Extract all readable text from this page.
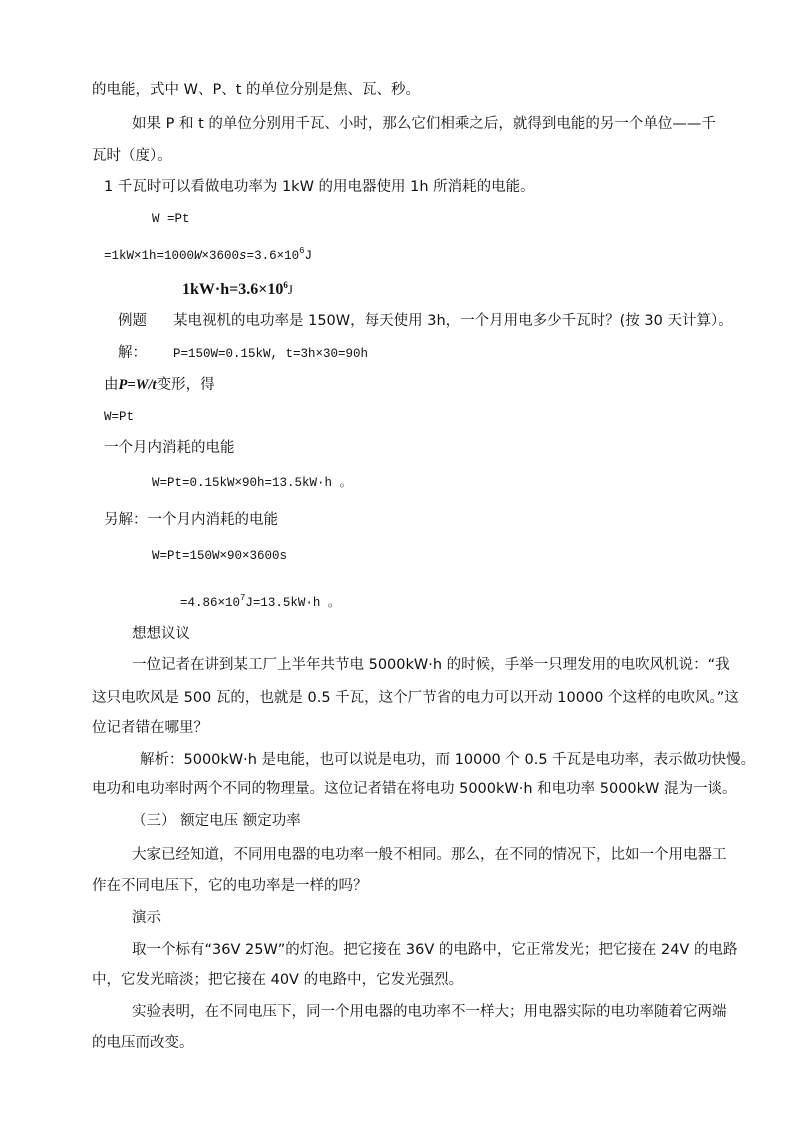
的电能，式中 W、P、t 的单位分别是焦、瓦、秒。
如果 P 和 t 的单位分别用千瓦、小时，那么它们相乘之后，就得到电能的另一个单位——千
瓦时（度）。
1 千瓦时可以看做电功率为 1kW 的用电器使用 1h 所消耗的电能。
W =Pt
$=1kW\times 1h=1000W\times 3600s=3.6\times 10^6J$
$1kW\cdot h=3.6\times 10^6J$
例题 某电视机的电功率是 150W，每天使用 3h，一个月用电多少千瓦时？(按 30 天计算）。
解： P=150W=0.15kW, t=3h×30=90h
由P=W/t变形，得
W=Pt
一个月内消耗的电能
W=Pt=0.15kW×90h=13.5kW·h 。
另解：一个月内消耗的电能
W=Pt=150W×90×3600s
$=4.86\times 10^7J=13.5kW\cdot h$ 。
想想议议
一位记者在讲到某工厂上半年共节电 5000kW·h 的时候，手举一只理发用的电吹风机说：“我
这只电吹风是 500 瓦的，也就是 0.5 千瓦，这个厂节省的电力可以开动 10000 个这样的电吹风。”这
位记者错在哪里？
解析：5000kW·h 是电能，也可以说是电功，而 10000 个 0.5 千瓦是电功率，表示做功快慢。
电功和电功率时两个不同的物理量。这位记者错在将电功 5000kW·h 和电功率 5000kW 混为一谈。
（三） 额定电压 额定功率
大家已经知道，不同用电器的电功率一般不相同。那么，在不同的情况下，比如一个用电器工
作在不同电压下，它的电功率是一样的吗？
演示
取一个标有“36V 25W”的灯泡。把它接在 36V 的电路中，它正常发光；把它接在 24V 的电路
中，它发光暗淡；把它接在 40V 的电路中，它发光强烈。
实验表明，在不同电压下，同一个用电器的电功率不一样大；用电器实际的电功率随着它两端
的电压而改变。
